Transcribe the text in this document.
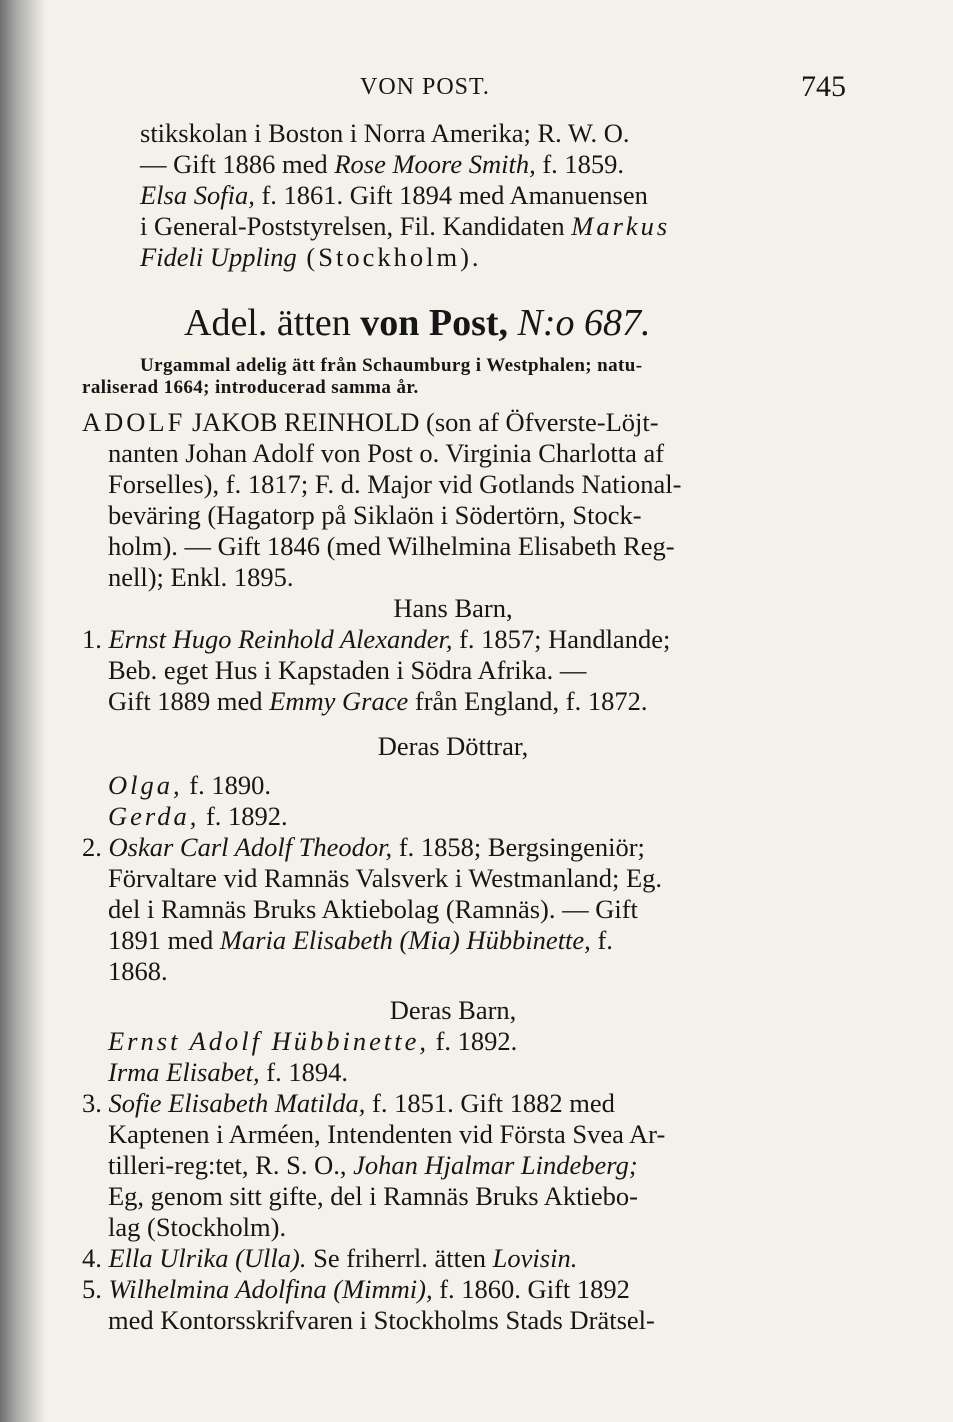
VON POST.	745
stikskolan i Boston i Norra Amerika; R. W. O.
— Gift 1886 med Rose Moore Smith, f. 1859.
Elsa Sofia, f. 1861. Gift 1894 med Amanuensen
i General-Poststyrelsen, Fil. Kandidaten Markus
Fideli Uppling (Stockholm).
Adel. ätten von Post, N:o 687.
Urgammal adelig ätt från Schaumburg i Westphalen; natu-
raliserad 1664; introducerad samma år.
ADOLF JAKOB REINHOLD (son af Öfverste-Löjt-
nanten Johan Adolf von Post o. Virginia Charlotta af
Forselles), f. 1817; F. d. Major vid Gotlands National-
beväring (Hagatorp på Siklaön i Södertörn, Stock-
holm). — Gift 1846 (med Wilhelmina Elisabeth Reg-
nell); Enkl. 1895.
Hans Barn,
1. Ernst Hugo Reinhold Alexander, f. 1857; Handlande;
Beb. eget Hus i Kapstaden i Södra Afrika. —
Gift 1889 med Emmy Grace från England, f. 1872.
Deras Döttrar,
Olga, f. 1890.
Gerda, f. 1892.
2. Oskar Carl Adolf Theodor, f. 1858; Bergsingeniör;
Förvaltare vid Ramnäs Valsverk i Westmanland; Eg.
del i Ramnäs Bruks Aktiebolag (Ramnäs). — Gift
1891 med Maria Elisabeth (Mia) Hübbinette, f.
1868.
Deras Barn,
Ernst Adolf Hübbinette, f. 1892.
Irma Elisabet, f. 1894.
3. Sofie Elisabeth Matilda, f. 1851. Gift 1882 med
Kaptenen i Arméen, Intendenten vid Första Svea Ar-
tilleri-reg:tet, R. S. O., Johan Hjalmar Lindeberg;
Eg, genom sitt gifte, del i Ramnäs Bruks Aktiebo-
lag (Stockholm).
4. Ella Ulrika (Ulla). Se friherrl. ätten Lovisin.
5. Wilhelmina Adolfina (Mimmi), f. 1860. Gift 1892
med Kontorsskrifvaren i Stockholms Stads Drätsel-
